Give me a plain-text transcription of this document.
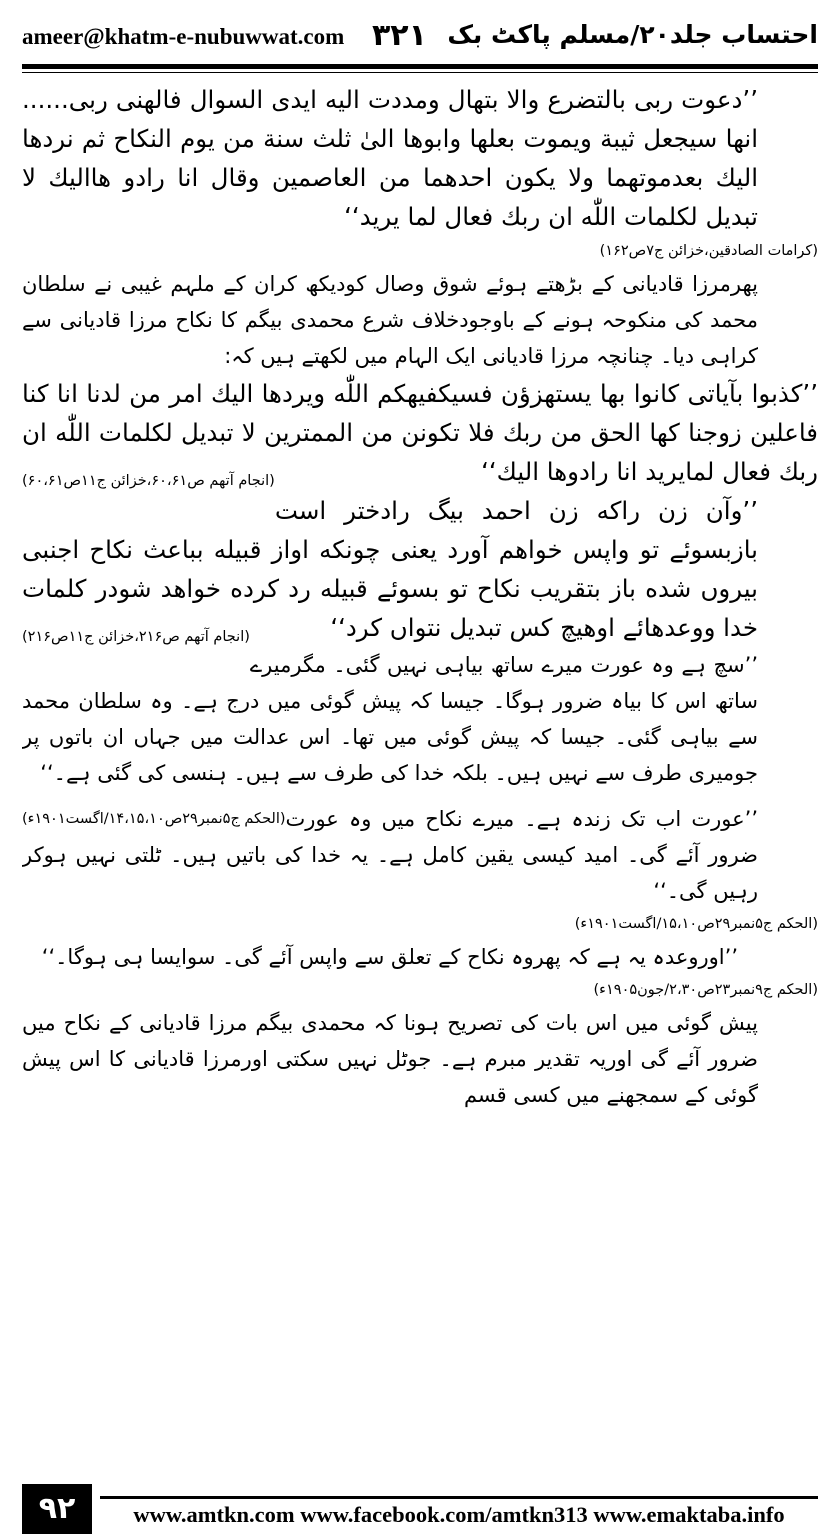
ameer@khatm-e-nubuwwat.com ۳۲۱ احتساب جلد۲۰/مسلم پاکٹ بک

’’دعوت ربی بالتضرع والا بتهال ومددت الیه ایدی السوال فالهنی ربی...... انها سیجعل ثیبة ویموت بعلها وابوها الیٰ ثلث سنة من یوم النکاح ثم نردها الیك بعدموتهما ولا یکون احدهما من العاصمین وقال انا رادو هاالیك لا تبدیل لکلمات اللّٰه ان ربك فعال لما یرید‘‘

(کرامات الصادقین،خزائن ج۷ص۱۶۲)

پھرمرزا قادیانی کے بڑھتے ہوئے شوق وصال کودیکھ کران کے ملہم غیبی نے سلطان محمد کی منکوحہ ہونے کے باوجودخلاف شرع محمدی بیگم کا نکاح مرزا قادیانی سے کراہی دیا۔ چنانچہ مرزا قادیانی ایک الہام میں لکھتے ہیں کہ:

’’کذبوا بآیاتی کانوا بها یستهزؤن فسیکفیهکم اللّٰه ویردها الیك امر من لدنا انا کنا فاعلین زوجنا کها الحق من ربك فلا تکونن من الممترین لا تبدیل لکلمات اللّٰه ان ربك فعال لمایرید انا رادوها الیك‘‘
(انجام آتھم ص۶۰،۶۱،خزائن ج۱۱ص۶۰،۶۱)

’’وآن زن راکه زن احمد بیگ رادختر است بازبسوئے تو واپس خواهم آورد یعنی چونکه اواز قبیله بباعث نکاح اجنبی بیروں شده باز بتقریب نکاح تو بسوئے قبیله رد کرده خواهد شودر کلمات خدا ووعدهائے اوهیچ کس تبدیل نتواں کرد‘‘
(انجام آتھم ص۲۱۶،خزائن ج۱۱ص۲۱۶)

’’سچ ہے وہ عورت میرے ساتھ بیاہی نہیں گئی۔ مگرمیرے ساتھ اس کا بیاہ ضرور ہوگا۔ جیسا کہ پیش گوئی میں درج ہے۔ وہ سلطان محمد سے بیاہی گئی۔ جیسا کہ پیش گوئی میں تھا۔ اس عدالت میں جہاں ان باتوں پر جومیری طرف سے نہیں ہیں۔ بلکہ خدا کی طرف سے ہیں۔ ہنسی کی گئی ہے۔‘‘
(الحکم ج۵نمبر۲۹ص۱۴،۱۵،۱۰/اگست۱۹۰۱ء) ’’عورت اب تک زندہ ہے۔ میرے نکاح میں وہ عورت ضرور آئے گی۔ امید کیسی یقین کامل ہے۔ یہ خدا کی باتیں ہیں۔ ٹلتی نہیں ہوکر رہیں گی۔‘‘

(الحکم ج۵نمبر۲۹ص۱۵،۱۰/اگست۱۹۰۱ء)

’’اوروعدہ یہ ہے کہ پھروہ نکاح کے تعلق سے واپس آئے گی۔ سوایسا ہی ہوگا۔‘‘

(الحکم ج۹نمبر۲۳ص۲،۳۰/جون۱۹۰۵ء)

پیش گوئی میں اس بات کی تصریح ہونا کہ محمدی بیگم مرزا قادیانی کے نکاح میں ضرور آئے گی اوریہ تقدیر مبرم ہے۔ جوٹل نہیں سکتی اورمرزا قادیانی کا اس پیش گوئی کے سمجھنے میں کسی قسم

۹۲	www.amtkn.com www.facebook.com/amtkn313 www.emaktaba.info
